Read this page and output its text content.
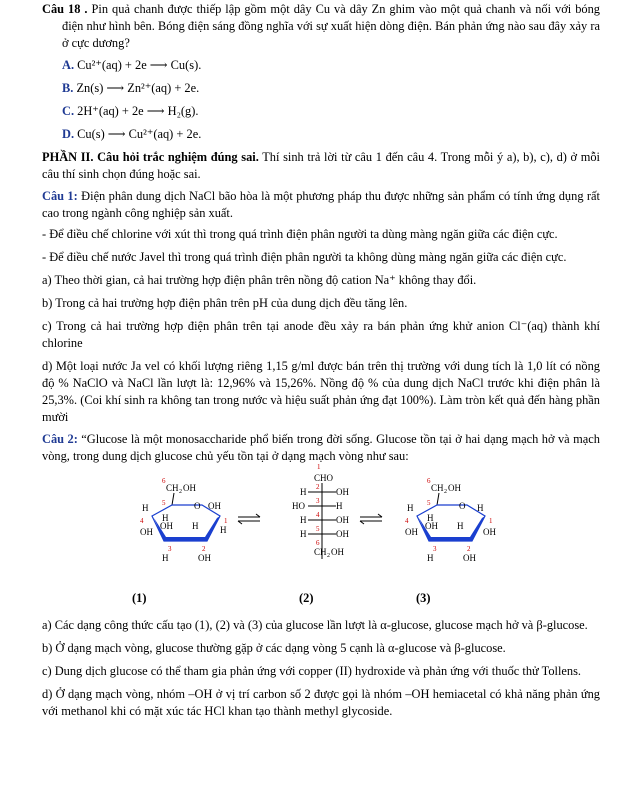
Câu 18 . Pin quả chanh được thiếp lập gồm một dây Cu và dây Zn ghim vào một quả chanh và nối với bóng điện như hình bên. Bóng điện sáng đồng nghĩa với sự xuất hiện dòng điện. Bán phản ứng nào sau đây xảy ra ở cực dương?

A. Cu²⁺(aq) + 2e ⟶ Cu(s).

B. Zn(s) ⟶ Zn²⁺(aq) + 2e.

C. 2H⁺(aq) + 2e ⟶ H₂(g).

D. Cu(s) ⟶ Cu²⁺(aq) + 2e.

PHẦN II. Câu hỏi trắc nghiệm đúng sai. Thí sinh trả lời từ câu 1 đến câu 4. Trong mỗi ý a), b), c), d) ở mỗi câu thí sinh chọn đúng hoặc sai.

Câu 1: Điện phân dung dịch NaCl bão hòa là một phương pháp thu được những sản phẩm có tính ứng dụng rất cao trong ngành công nghiệp sản xuất.

- Để điều chế chlorine với xút thì trong quá trình điện phân người ta dùng màng ngăn giữa các điện cực.

- Để điều chế nước Javel thì trong quá trình điện phân người ta không dùng màng ngăn giữa các điện cực.

a) Theo thời gian, cả hai trường hợp điện phân trên nồng độ cation Na⁺ không thay đổi.

b) Trong cả hai trường hợp điện phân trên pH của dung dịch đều tăng lên.

c) Trong cả hai trường hợp điện phân trên tại anode đều xảy ra bán phản ứng khử anion Cl⁻(aq) thành khí chlorine

d) Một loại nước Ja vel có khối lượng riêng 1,15 g/ml được bán trên thị trường với dung tích là 1,0 lít có nồng độ % NaClO và NaCl lần lượt là: 12,96% và 15,26%. Nồng độ % của dung dịch NaCl trước khi điện phân là 25,3%. (Coi khí sinh ra không tan trong nước và hiệu suất phản ứng đạt 100%). Làm tròn kết quả đến hàng phần mười

Câu 2: “Glucose là một monosaccharide phổ biến trong đời sống. Glucose tồn tại ở hai dạng mạch hở và mạch vòng, trong dung dịch glucose chủ yếu tồn tại ở dạng mạch vòng như sau:

6
CH 2 OH
5	O
H	OH
1
4 H
OH H H
OH
3	2
H	OH
1
CHO
2
H	OH
3
HO	H
4
H	OH
5
H	OH
6
CH 2 OH
6
CH 2 OH
5	O
H	H
1
4 H
OH H
OH
OH
3	2
H	OH
(1)	(2)	(3)

a) Các dạng công thức cấu tạo (1), (2) và (3) của glucose lần lượt là α-glucose, glucose mạch hở và β-glucose.

b) Ở dạng mạch vòng, glucose thường gặp ở các dạng vòng 5 cạnh là α-glucose và β-glucose.

c) Dung dịch glucose có thể tham gia phản ứng với copper (II) hydroxide và phản ứng với thuốc thử Tollens.

d) Ở dạng mạch vòng, nhóm –OH ở vị trí carbon số 2 được gọi là nhóm –OH hemiacetal có khả năng phản ứng với methanol khi có mặt xúc tác HCl khan tạo thành methyl glycoside.
